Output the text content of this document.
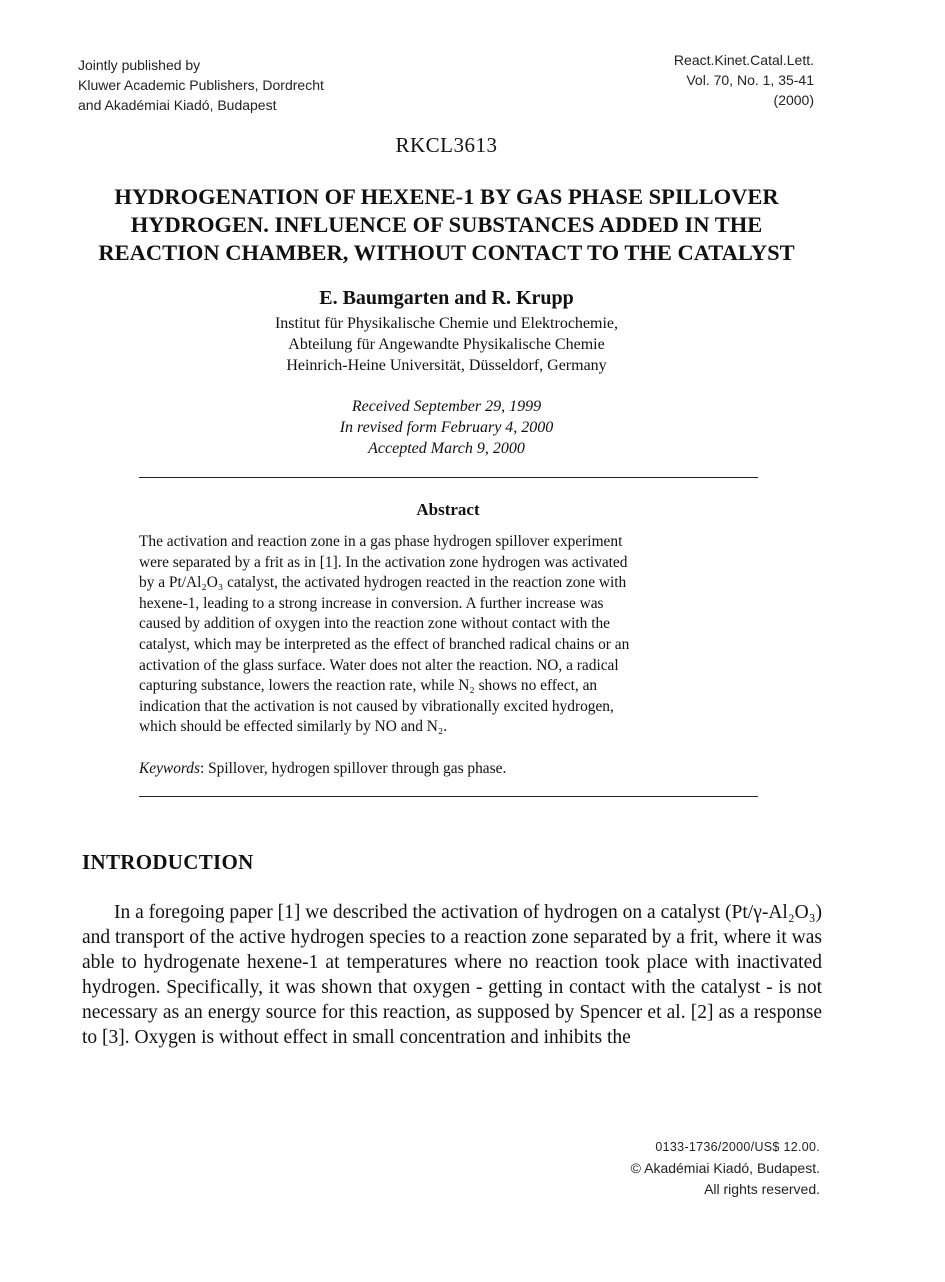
Jointly published by
Kluwer Academic Publishers, Dordrecht
and Akadémiai Kiadó, Budapest
React.Kinet.Catal.Lett.
Vol. 70, No. 1, 35-41
(2000)
RKCL3613
HYDROGENATION OF HEXENE-1 BY GAS PHASE SPILLOVER
HYDROGEN. INFLUENCE OF SUBSTANCES ADDED IN THE
REACTION CHAMBER, WITHOUT CONTACT TO THE CATALYST
E. Baumgarten and R. Krupp
Institut für Physikalische Chemie und Elektrochemie,
Abteilung für Angewandte Physikalische Chemie
Heinrich-Heine Universität, Düsseldorf, Germany
Received September 29, 1999
In revised form February 4, 2000
Accepted March 9, 2000
Abstract
The activation and reaction zone in a gas phase hydrogen spillover experiment
were separated by a frit as in [1]. In the activation zone hydrogen was activated
by a Pt/Al₂O₃ catalyst, the activated hydrogen reacted in the reaction zone with
hexene-1, leading to a strong increase in conversion. A further increase was
caused by addition of oxygen into the reaction zone without contact with the
catalyst, which may be interpreted as the effect of branched radical chains or an
activation of the glass surface. Water does not alter the reaction. NO, a radical
capturing substance, lowers the reaction rate, while N₂ shows no effect, an
indication that the activation is not caused by vibrationally excited hydrogen,
which should be effected similarly by NO and N₂.
Keywords: Spillover, hydrogen spillover through gas phase.
INTRODUCTION
In a foregoing paper [1] we described the activation of hydrogen on a catalyst (Pt/γ-Al₂O₃) and transport of the active hydrogen species to a reaction zone separated by a frit, where it was able to hydrogenate hexene-1 at temperatures where no reaction took place with inactivated hydrogen. Specifically, it was shown that oxygen - getting in contact with the catalyst - is not necessary as an energy source for this reaction, as supposed by Spencer et al. [2] as a response to [3]. Oxygen is without effect in small concentration and inhibits the
0133-1736/2000/US$ 12.00.
© Akadémiai Kiadó, Budapest.
All rights reserved.
